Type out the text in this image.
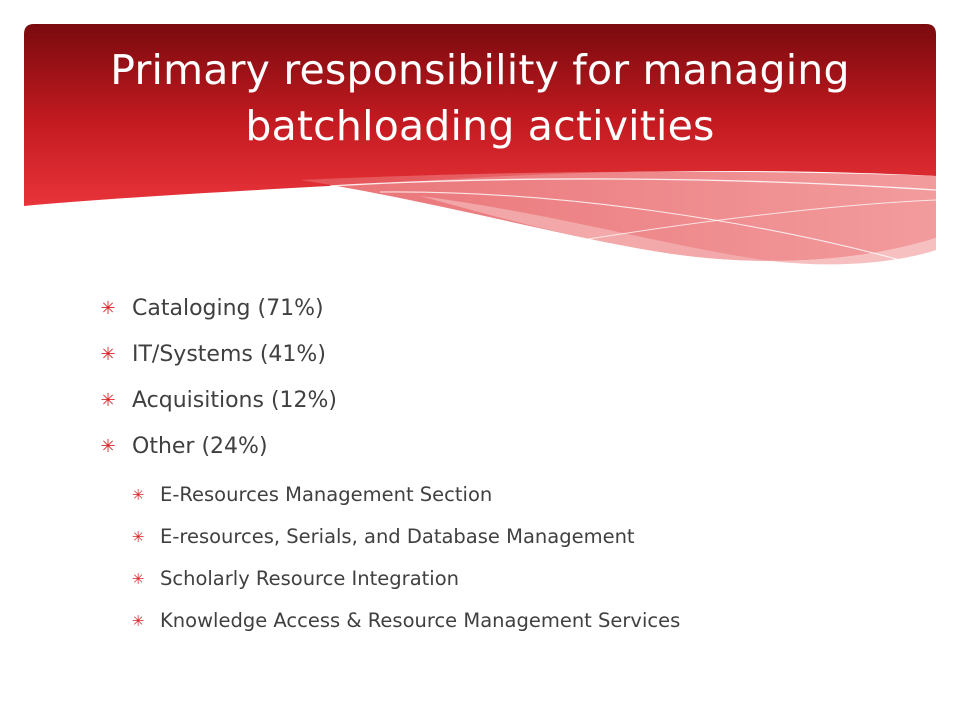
Primary responsibility for managing batchloading activities
✳ Cataloging (71%)
✳ IT/Systems (41%)
✳ Acquisitions (12%)
✳ Other (24%)
✳ E-Resources Management Section
✳ E-resources, Serials, and Database Management
✳ Scholarly Resource Integration
✳ Knowledge Access & Resource Management Services
